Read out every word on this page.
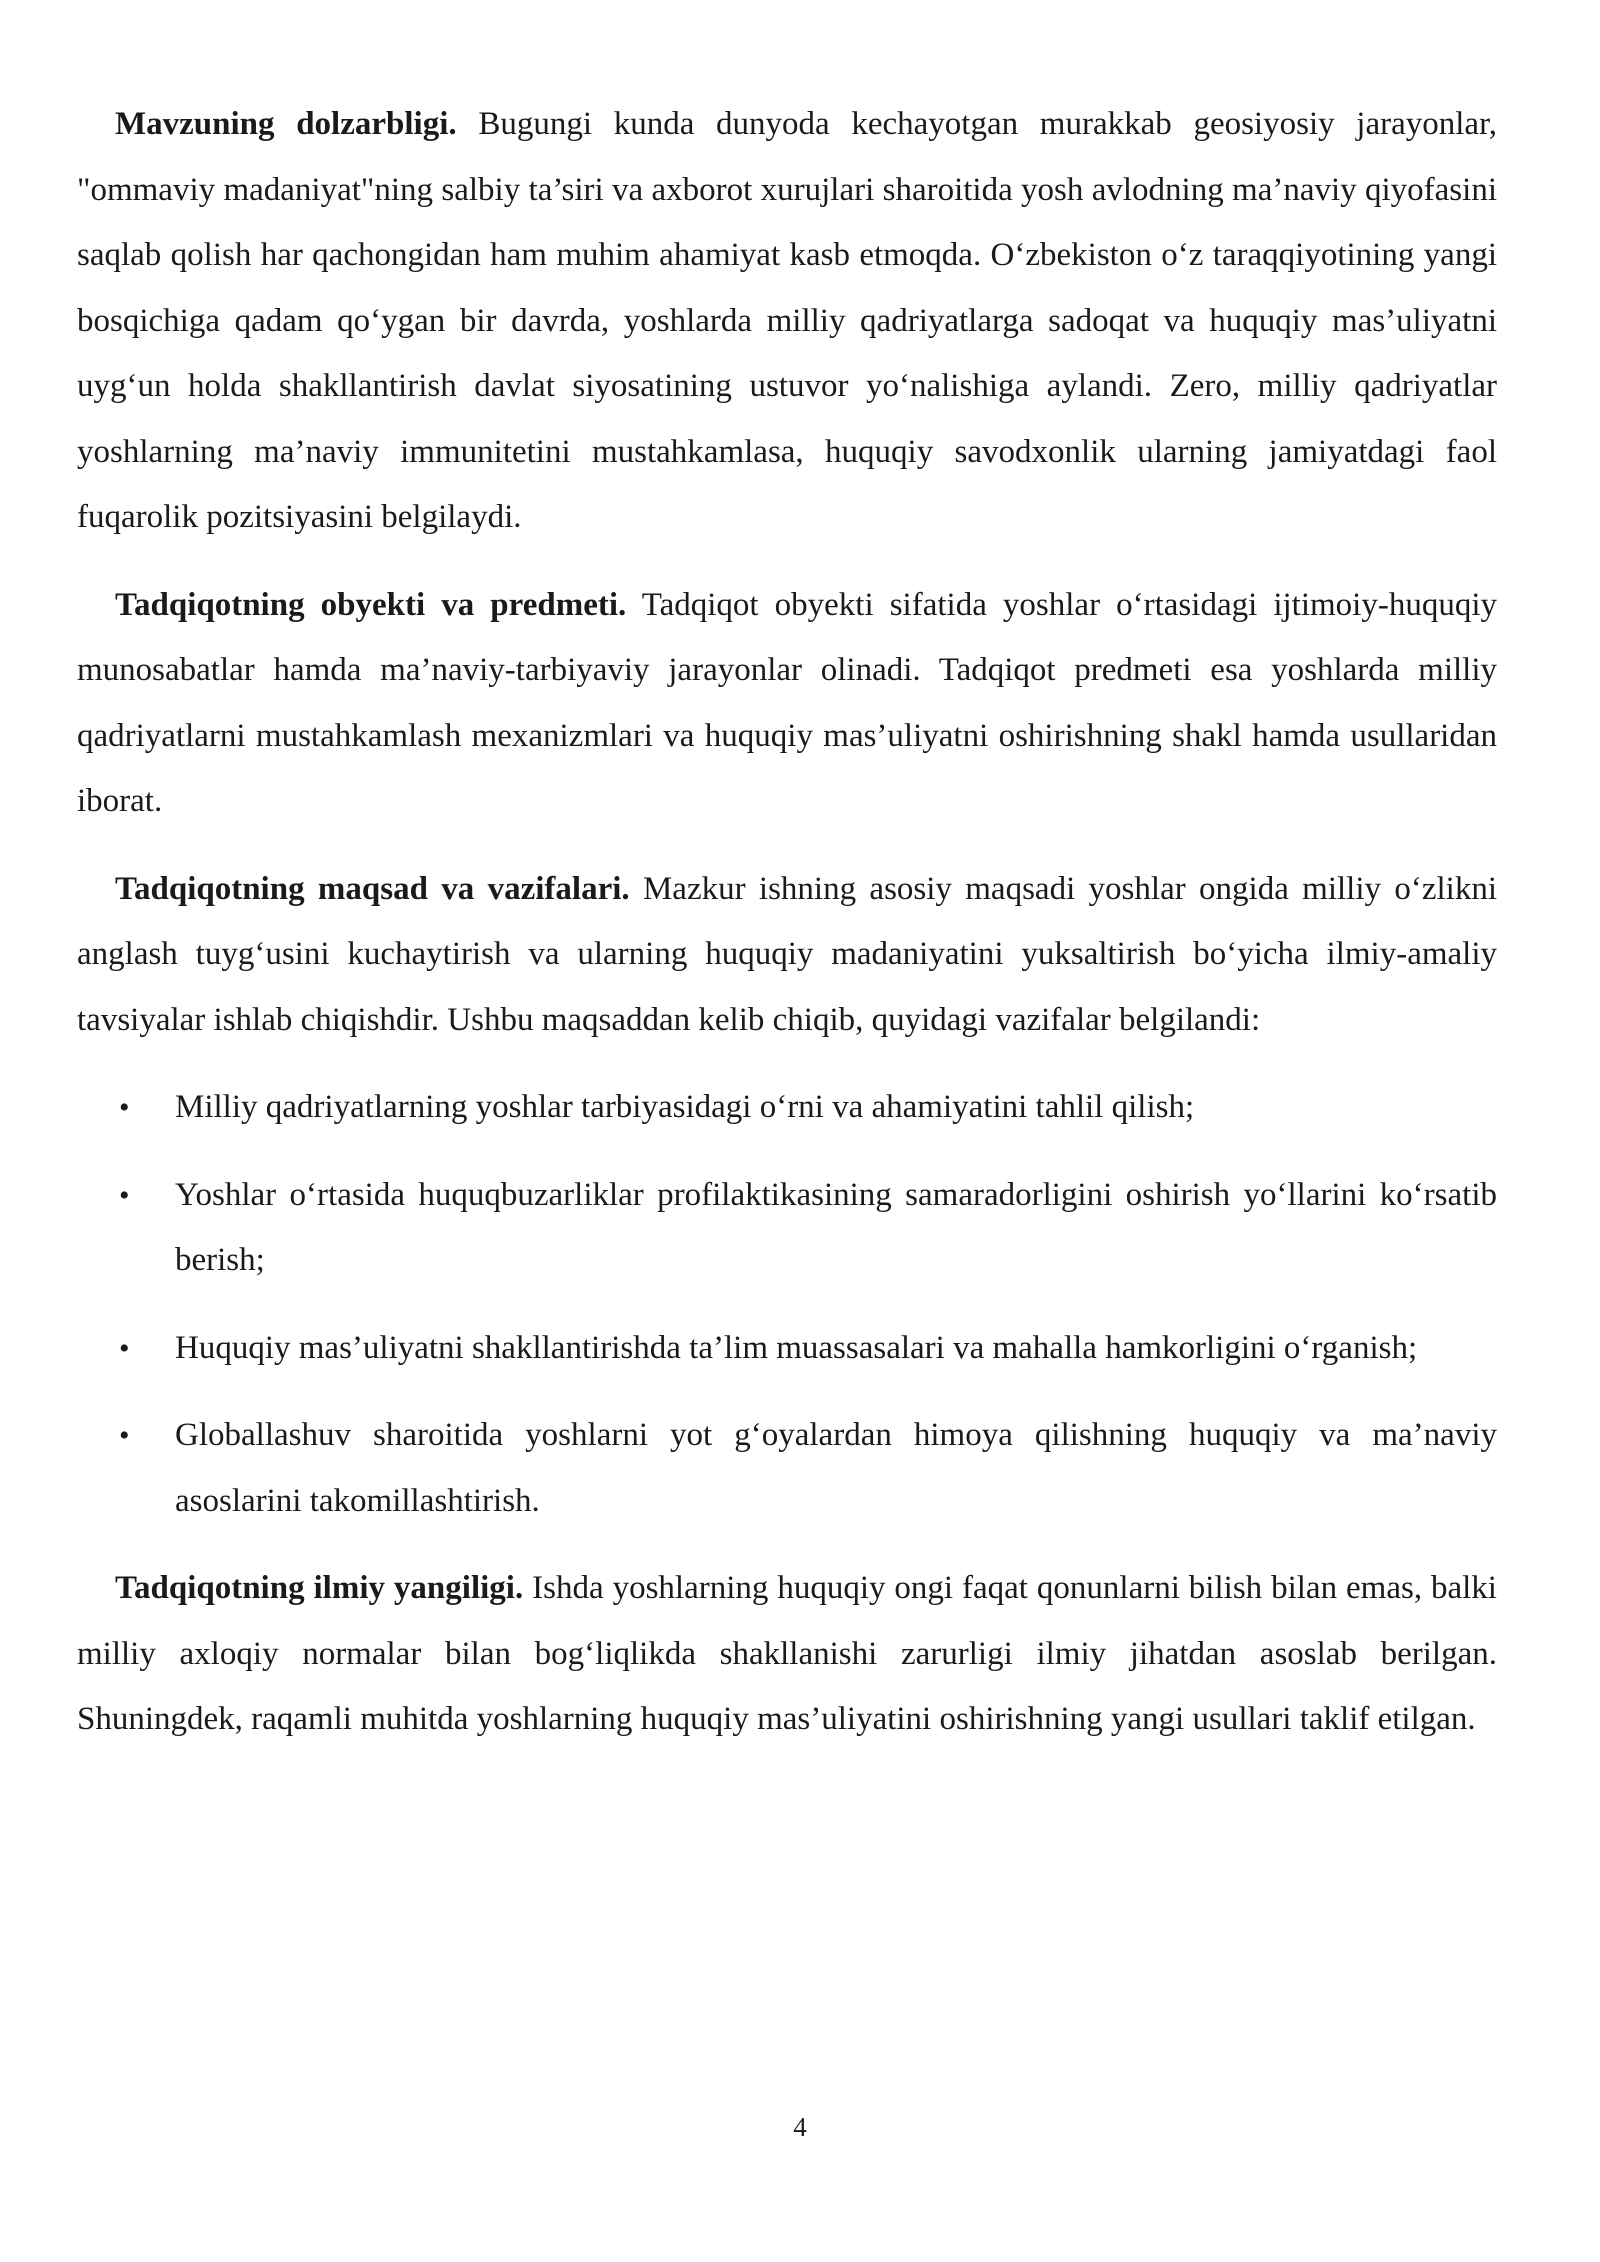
Mavzuning dolzarbligi. Bugungi kunda dunyoda kechayotgan murakkab geosiyosiy jarayonlar, "ommaviy madaniyat"ning salbiy ta’siri va axborot xurujlari sharoitida yosh avlodning ma’naviy qiyofasini saqlab qolish har qachongidan ham muhim ahamiyat kasb etmoqda. O‘zbekiston o‘z taraqqiyotining yangi bosqichiga qadam qo‘ygan bir davrda, yoshlarda milliy qadriyatlarga sadoqat va huquqiy mas’uliyatni uyg‘un holda shakllantirish davlat siyosatining ustuvor yo‘nalishiga aylandi. Zero, milliy qadriyatlar yoshlarning ma’naviy immunitetini mustahkamlasa, huquqiy savodxonlik ularning jamiyatdagi faol fuqarolik pozitsiyasini belgilaydi.

Tadqiqotning obyekti va predmeti. Tadqiqot obyekti sifatida yoshlar o‘rtasidagi ijtimoiy-huquqiy munosabatlar hamda ma’naviy-tarbiyaviy jarayonlar olinadi. Tadqiqot predmeti esa yoshlarda milliy qadriyatlarni mustahkamlash mexanizmlari va huquqiy mas’uliyatni oshirishning shakl hamda usullaridan iborat.

Tadqiqotning maqsad va vazifalari. Mazkur ishning asosiy maqsadi yoshlar ongida milliy o‘zlikni anglash tuyg‘usini kuchaytirish va ularning huquqiy madaniyatini yuksaltirish bo‘yicha ilmiy-amaliy tavsiyalar ishlab chiqishdir. Ushbu maqsaddan kelib chiqib, quyidagi vazifalar belgilandi:

• Milliy qadriyatlarning yoshlar tarbiyasidagi o‘rni va ahamiyatini tahlil qilish;
• Yoshlar o‘rtasida huquqbuzarliklar profilaktikasining samaradorligini oshirish yo‘llarini ko‘rsatib berish;
• Huquqiy mas’uliyatni shakllantirishda ta’lim muassasalari va mahalla hamkorligini o‘rganish;
• Globallashuv sharoitida yoshlarni yot g‘oyalardan himoya qilishning huquqiy va ma’naviy asoslarini takomillashtirish.

Tadqiqotning ilmiy yangiligi. Ishda yoshlarning huquqiy ongi faqat qonunlarni bilish bilan emas, balki milliy axloqiy normalar bilan bog‘liqlikda shakllanishi zarurligi ilmiy jihatdan asoslab berilgan. Shuningdek, raqamli muhitda yoshlarning huquqiy mas’uliyatini oshirishning yangi usullari taklif etilgan.

4
